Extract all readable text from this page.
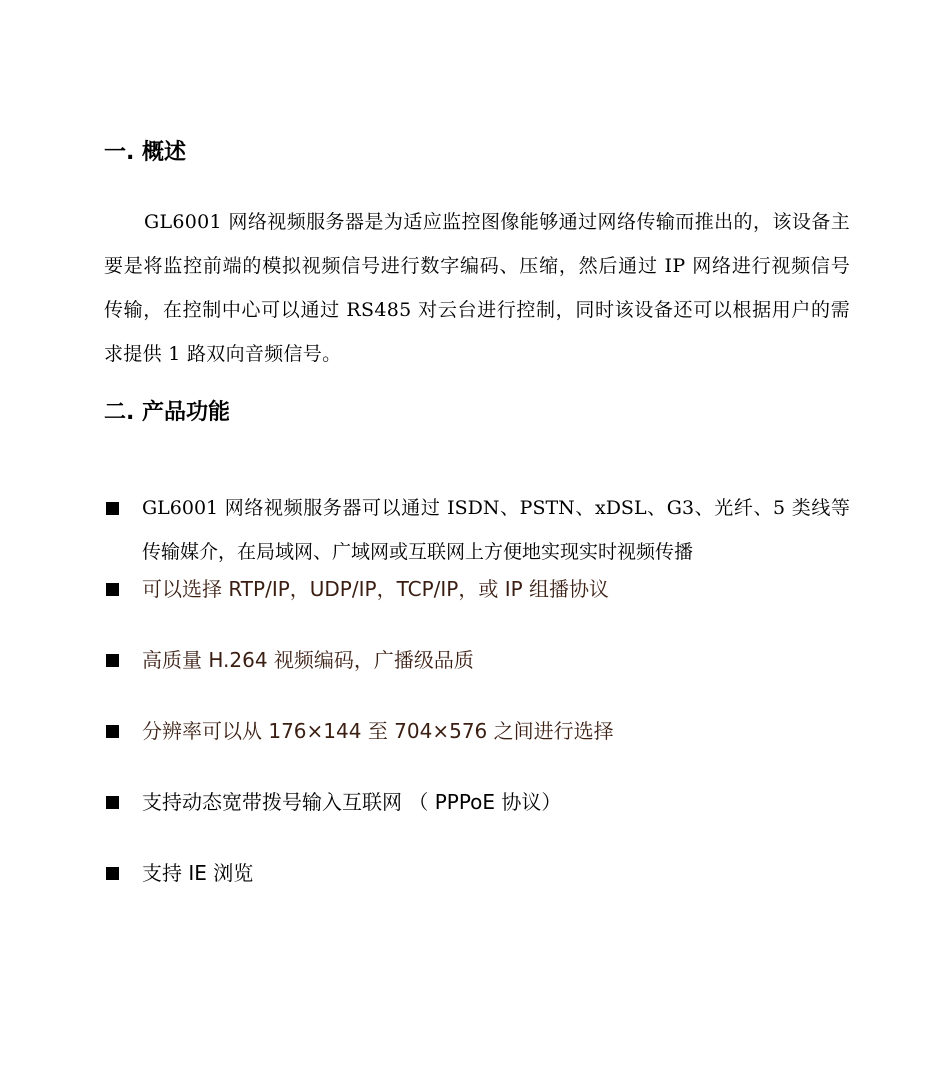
一. 概述

GL6001 网络视频服务器是为适应监控图像能够通过网络传输而推出的，该设备主要是将监控前端的模拟视频信号进行数字编码、压缩，然后通过 IP 网络进行视频信号传输，在控制中心可以通过 RS485 对云台进行控制，同时该设备还可以根据用户的需求提供 1 路双向音频信号。

二. 产品功能
GL6001 网络视频服务器可以通过 ISDN、PSTN、xDSL、G3、光纤、5 类线等传输媒介，在局域网、广域网或互联网上方便地实现实时视频传播
可以选择 RTP/IP，UDP/IP，TCP/IP，或 IP 组播协议
高质量 H.264 视频编码，广播级品质
分辨率可以从 176×144 至 704×576 之间进行选择
支持动态宽带拨号输入互联网 （ PPPoE 协议）
支持 IE 浏览
